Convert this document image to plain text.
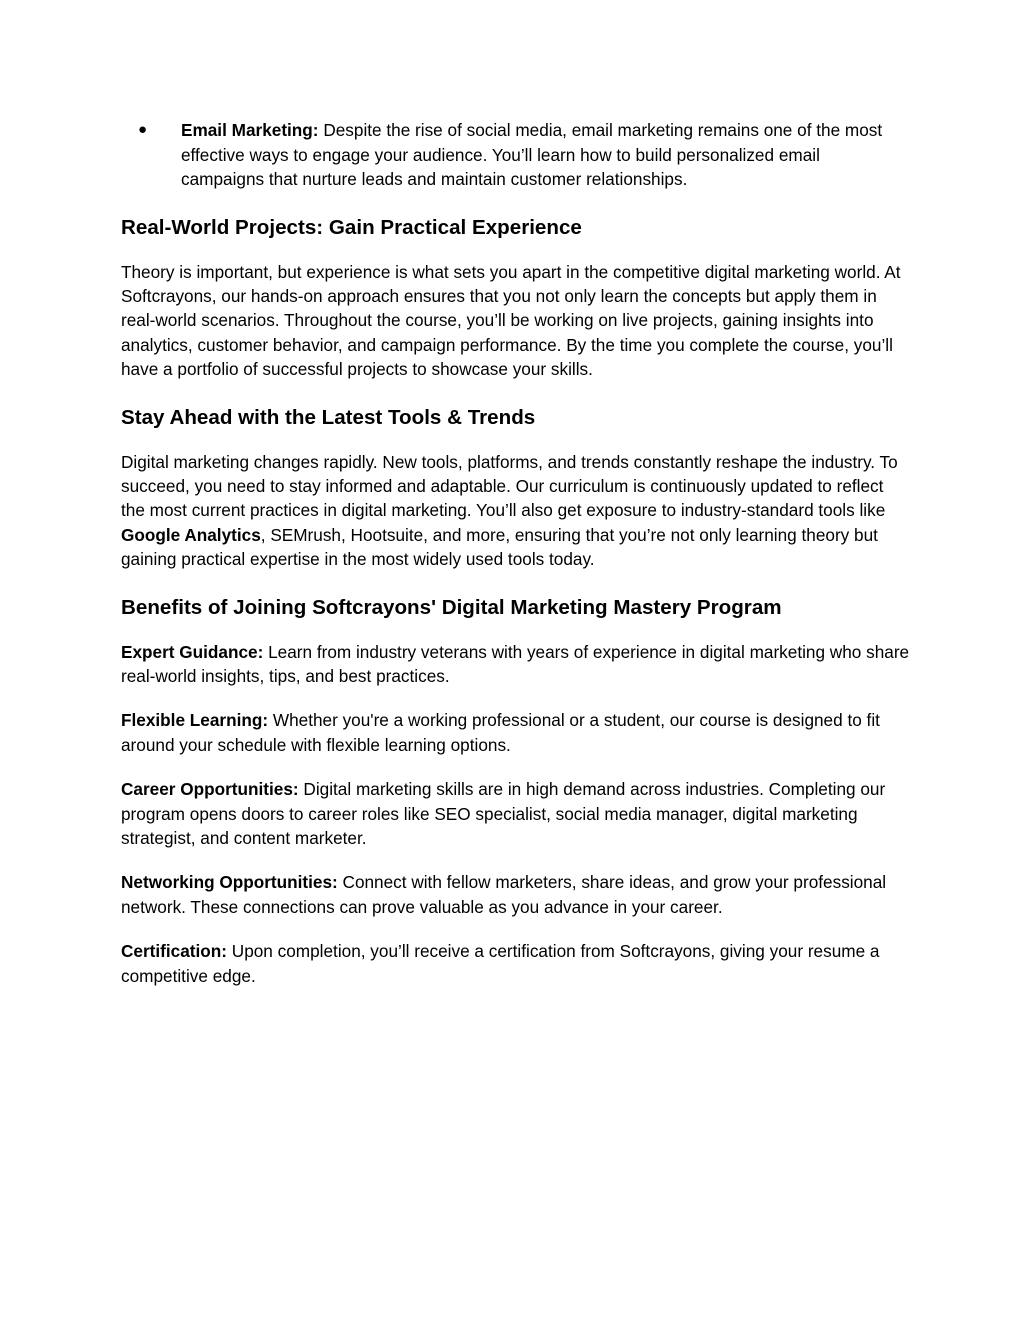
● Email Marketing: Despite the rise of social media, email marketing remains one of the most effective ways to engage your audience. You’ll learn how to build personalized email campaigns that nurture leads and maintain customer relationships.
Real-World Projects: Gain Practical Experience

Theory is important, but experience is what sets you apart in the competitive digital marketing world. At Softcrayons, our hands-on approach ensures that you not only learn the concepts but apply them in real-world scenarios. Throughout the course, you’ll be working on live projects, gaining insights into analytics, customer behavior, and campaign performance. By the time you complete the course, you’ll have a portfolio of successful projects to showcase your skills.

Stay Ahead with the Latest Tools & Trends

Digital marketing changes rapidly. New tools, platforms, and trends constantly reshape the industry. To succeed, you need to stay informed and adaptable. Our curriculum is continuously updated to reflect the most current practices in digital marketing. You’ll also get exposure to industry-standard tools like Google Analytics, SEMrush, Hootsuite, and more, ensuring that you’re not only learning theory but gaining practical expertise in the most widely used tools today.

Benefits of Joining Softcrayons' Digital Marketing Mastery Program

Expert Guidance: Learn from industry veterans with years of experience in digital marketing who share real-world insights, tips, and best practices.

Flexible Learning: Whether you're a working professional or a student, our course is designed to fit around your schedule with flexible learning options.

Career Opportunities: Digital marketing skills are in high demand across industries. Completing our program opens doors to career roles like SEO specialist, social media manager, digital marketing strategist, and content marketer.

Networking Opportunities: Connect with fellow marketers, share ideas, and grow your professional network. These connections can prove valuable as you advance in your career.

Certification: Upon completion, you’ll receive a certification from Softcrayons, giving your resume a competitive edge.
